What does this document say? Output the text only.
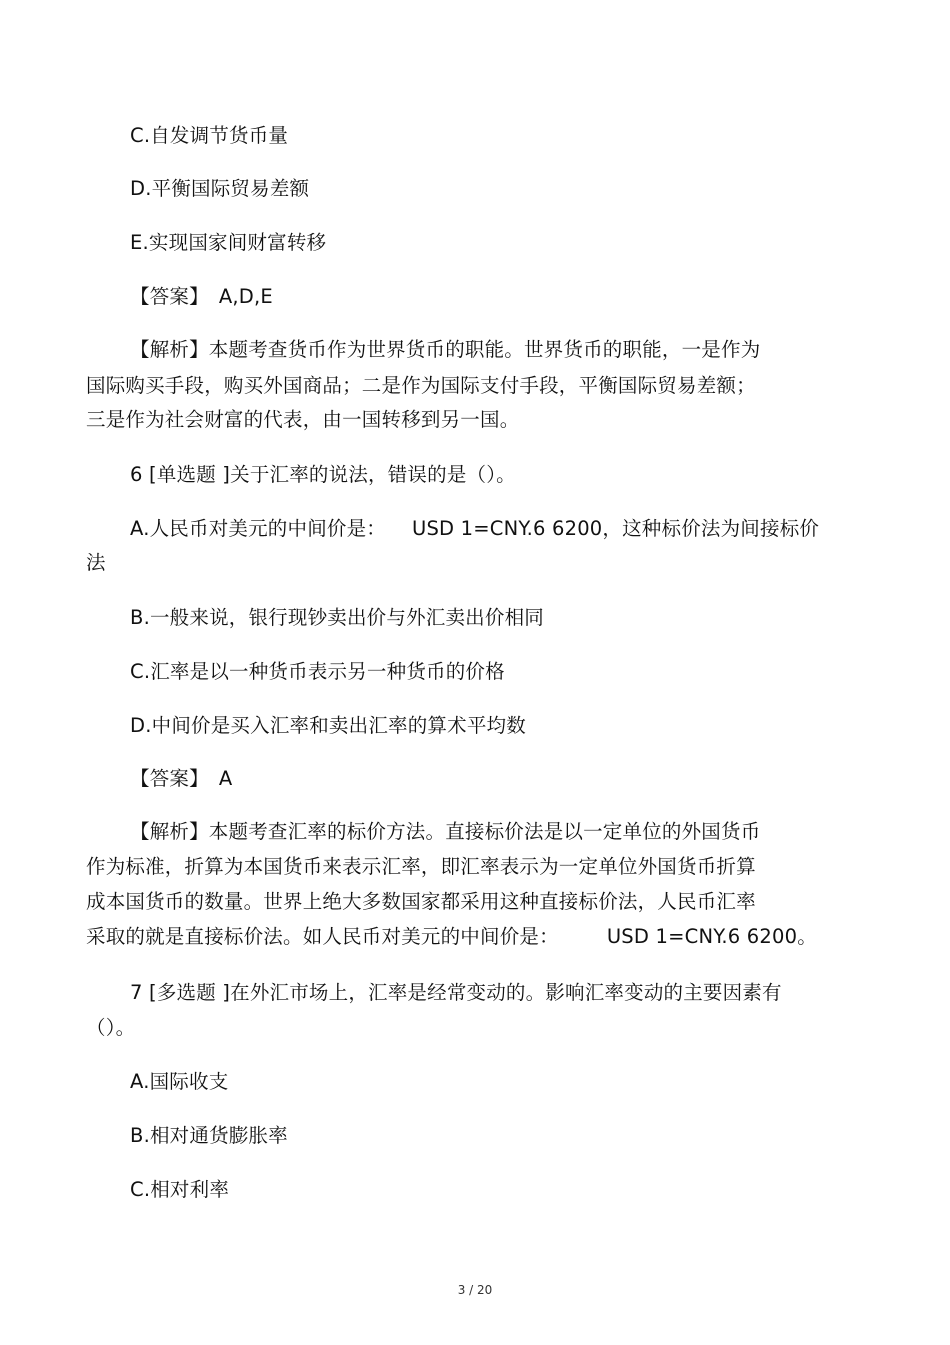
C.自发调节货币量
D.平衡国际贸易差额
E.实现国家间财富转移
【答案】 A,D,E
【解析】本题考查货币作为世界货币的职能。世界货币的职能，一是作为
国际购买手段，购买外国商品；二是作为国际支付手段，平衡国际贸易差额；
三是作为社会财富的代表，由一国转移到另一国。
6 [单选题 ]关于汇率的说法，错误的是（）。
A.人民币对美元的中间价是： USD 1=CNY.6 6200，这种标价法为间接标价
法
B.一般来说，银行现钞卖出价与外汇卖出价相同
C.汇率是以一种货币表示另一种货币的价格
D.中间价是买入汇率和卖出汇率的算术平均数
【答案】 A
【解析】本题考查汇率的标价方法。直接标价法是以一定单位的外国货币
作为标准，折算为本国货币来表示汇率，即汇率表示为一定单位外国货币折算
成本国货币的数量。世界上绝大多数国家都采用这种直接标价法，人民币汇率
采取的就是直接标价法。如人民币对美元的中间价是： USD 1=CNY.6 6200。
7 [多选题 ]在外汇市场上，汇率是经常变动的。影响汇率变动的主要因素有
（）。
A.国际收支
B.相对通货膨胀率
C.相对利率
3 / 20
